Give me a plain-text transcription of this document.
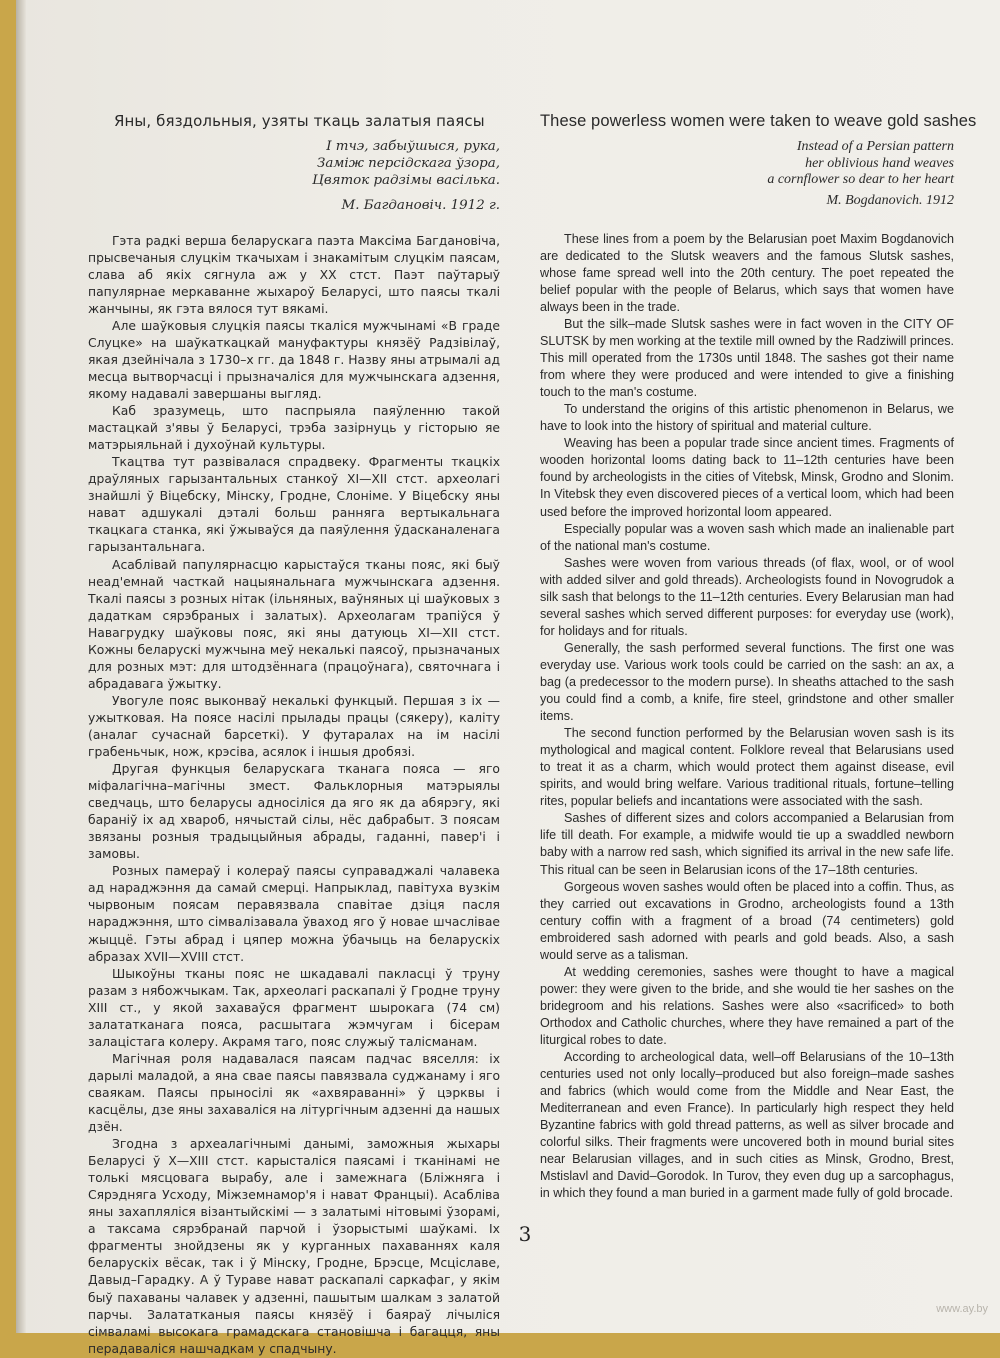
Яны, бяздольныя, узяты ткаць залатыя паясы
І тчэ, забыўшыся, рука,
Заміж персідскага ўзора,
Цвяток радзімы васілька.
М. Багдановіч. 1912 г.

Гэта радкі верша беларускага паэта Максіма Багдановіча, прысвечаныя слуцкім ткачыхам і знакамітым слуцкім паясам, слава аб якіх сягнула аж у XX стст. Паэт паўтарыў папулярнае меркаванне жыхароў Беларусі, што паясы ткалі жанчыны, як гэта вялося тут вякамі.

Але шаўковыя слуцкія паясы ткаліся мужчынамі «В граде Слуцке» на шаўкаткацкай мануфактуры князёў Радзівілаў, якая дзейнічала з 1730–х гг. да 1848 г. Назву яны атрымалі ад месца вытворчасці і прызначаліся для мужчынскага адзення, якому надавалі завершаны выгляд.

Каб зразумець, што паспрыяла паяўленню такой мастацкай з'явы ў Беларусі, трэба зазірнуць у гісторыю яе матэрыяльнай і духоўнай культуры.

Ткацтва тут развівалася спрадвеку. Фрагменты ткацкіх драўляных гарызантальных станкоў XI—XII стст. археолагі знайшлі ў Віцебску, Мінску, Гродне, Слоніме. У Віцебску яны нават адшукалі дэталі больш ранняга вертыкальнага ткацкага станка, які ўжываўся да паяўлення ўдасканаленага гарызантальнага.

Асаблівай папулярнасцю карыстаўся тканы пояс, які быў неад'емнай часткай нацыянальнага мужчынскага адзення. Ткалі паясы з розных нітак (ільняных, ваўняных ці шаўковых з дадаткам сярэбраных і залатых). Археолагам трапіўся ў Навагрудку шаўковы пояс, які яны датуюць XI—XII стст. Кожны беларускі мужчына меў некалькі паясоў, прызначаных для розных мэт: для штодзённага (працоўнага), святочнага і абрадавага ўжытку.

Увогуле пояс выконваў некалькі функцый. Першая з іх — ужытковая. На поясе насілі прылады працы (сякеру), каліту (аналаг сучаснай барсеткі). У футаралах на ім насілі грабеньчык, нож, крэсіва, асялок і іншыя дробязі.

Другая функцыя беларускага тканага пояса — яго міфалагічна–магічны змест. Фальклорныя матэрыялы сведчаць, што беларусы адносіліся да яго як да абярэгу, які бараніў іх ад хвароб, нячыстай сілы, нёс дабрабыт. З поясам звязаны розныя традыцыйныя абрады, гаданні, павер'і і замовы.

Розных памераў і колераў паясы суправаджалі чалавека ад нараджэння да самай смерці. Напрыклад, павітуха вузкім чырвоным поясам перавязвала спавітае дзіця пасля нараджэння, што сімвалізавала ўваход яго ў новае шчаслівае жыццё. Гэты абрад і цяпер можна ўбачыць на беларускіх абразах XVII—XVIII стст.

Шыкоўны тканы пояс не шкадавалі пакласці ў труну разам з нябожчыкам. Так, археолагі раскапалі ў Гродне труну XIII ст., у якой захаваўся фрагмент шырокага (74 см) залататканага пояса, расшытага жэмчугам і бісерам залацістага колеру. Акрамя таго, пояс служыў талісманам.

Магічная роля надавалася паясам падчас вяселля: іх дарылі маладой, а яна свае паясы павязвала суджанаму і яго сваякам. Паясы прыносілі як «ахвяраванні» ў цэрквы і касцёлы, дзе яны захаваліся на літургічным адзенні да нашых дзён.

Згодна з археалагічнымі данымі, заможныя жыхары Беларусі ў X—XIII стст. карысталіся паясамі і тканінамі не толькі мясцовага вырабу, але і замежнага (Бліжняга і Сярэдняга Усходу, Міжземнамор'я і нават Францыі). Асабліва яны захапляліся візантыйскімі — з залатымі нітовымі ўзорамі, а таксама сярэбранай парчой і ўзорыстымі шаўкамі. Іх фрагменты знойдзены як у курганных пахаваннях каля беларускіх вёсак, так і ў Мінску, Гродне, Брэсце, Мсціславе, Давыд–Гарадку. А ў Тураве нават раскапалі саркафаг, у якім быў пахаваны чалавек у адзенні, пашытым шалкам з залатой парчы. Залататканыя паясы князёў і баяраў лічыліся сімваламі высокага грамадскага становішча і багацця, яны перадаваліся нашчадкам у спадчыну.

These powerless women were taken to weave gold sashes
Instead of a Persian pattern
her oblivious hand weaves
a cornflower so dear to her heart
M. Bogdanovich. 1912

These lines from a poem by the Belarusian poet Maxim Bogdanovich are dedicated to the Slutsk weavers and the famous Slutsk sashes, whose fame spread well into the 20th century. The poet repeated the belief popular with the people of Belarus, which says that women have always been in the trade.

But the silk–made Slutsk sashes were in fact woven in the CITY OF SLUTSK by men working at the textile mill owned by the Radziwill princes. This mill operated from the 1730s until 1848. The sashes got their name from where they were produced and were intended to give a finishing touch to the man's costume.

To understand the origins of this artistic phenomenon in Belarus, we have to look into the history of spiritual and material culture.

Weaving has been a popular trade since ancient times. Fragments of wooden horizontal looms dating back to 11–12th centuries have been found by archeologists in the cities of Vitebsk, Minsk, Grodno and Slonim. In Vitebsk they even discovered pieces of a vertical loom, which had been used before the improved horizontal loom appeared.

Especially popular was a woven sash which made an inalienable part of the national man's costume.

Sashes were woven from various threads (of flax, wool, or of wool with added silver and gold threads). Archeologists found in Novogrudok a silk sash that belongs to the 11–12th centuries. Every Belarusian man had several sashes which served different purposes: for everyday use (work), for holidays and for rituals.

Generally, the sash performed several functions. The first one was everyday use. Various work tools could be carried on the sash: an ax, a bag (a predecessor to the modern purse). In sheaths attached to the sash you could find a comb, a knife, fire steel, grindstone and other smaller items.

The second function performed by the Belarusian woven sash is its mythological and magical content. Folklore reveal that Belarusians used to treat it as a charm, which would protect them against disease, evil spirits, and would bring welfare. Various traditional rituals, fortune–telling rites, popular beliefs and incantations were associated with the sash.

Sashes of different sizes and colors accompanied a Belarusian from life till death. For example, a midwife would tie up a swaddled newborn baby with a narrow red sash, which signified its arrival in the new safe life. This ritual can be seen in Belarusian icons of the 17–18th centuries.

Gorgeous woven sashes would often be placed into a coffin. Thus, as they carried out excavations in Grodno, archeologists found a 13th century coffin with a fragment of a broad (74 centimeters) gold embroidered sash adorned with pearls and gold beads. Also, a sash would serve as a talisman.

At wedding ceremonies, sashes were thought to have a magical power: they were given to the bride, and she would tie her sashes on the bridegroom and his relations. Sashes were also «sacrificed» to both Orthodox and Catholic churches, where they have remained a part of the liturgical robes to date.

According to archeological data, well–off Belarusians of the 10–13th centuries used not only locally–produced but also foreign–made sashes and fabrics (which would come from the Middle and Near East, the Mediterranean and even France). In particularly high respect they held Byzantine fabrics with gold thread patterns, as well as silver brocade and colorful silks. Their fragments were uncovered both in mound burial sites near Belarusian villages, and in such cities as Minsk, Grodno, Brest, Mstislavl and David–Gorodok. In Turov, they even dug up a sarcophagus, in which they found a man buried in a garment made fully of gold brocade.

3
www.ay.by
